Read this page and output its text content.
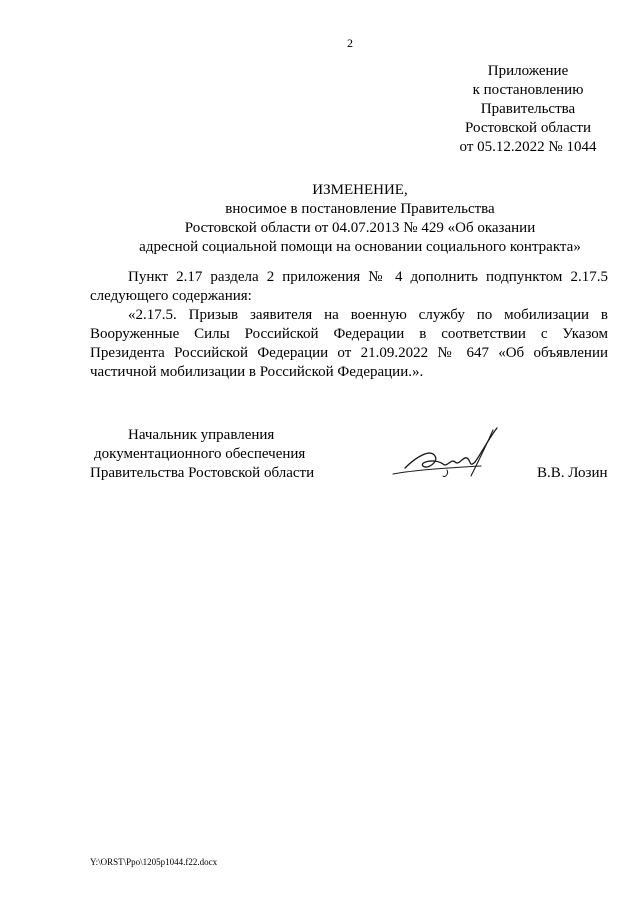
2
Приложение
к постановлению
Правительства
Ростовской области
от 05.12.2022 № 1044
ИЗМЕНЕНИЕ,
вносимое в постановление Правительства
Ростовской области от 04.07.2013 № 429 «Об оказании
адресной социальной помощи на основании социального контракта»

Пункт 2.17 раздела 2 приложения № 4 дополнить подпунктом 2.17.5 следующего содержания:

«2.17.5. Призыв заявителя на военную службу по мобилизации в Вооруженные Силы Российской Федерации в соответствии с Указом Президента Российской Федерации от 21.09.2022 № 647 «Об объявлении частичной мобилизации в Российской Федерации.».

Начальник управления
документационного обеспечения
Правительства Ростовской области	В.В. Лозин
Y:\ORST\Ppo\1205p1044.f22.docx
